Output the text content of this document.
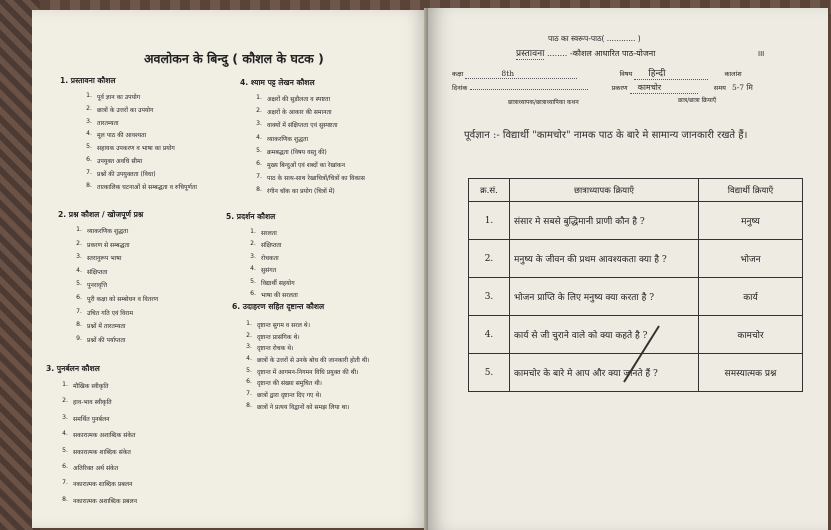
अवलोकन के बिन्दु ( कौशल के घटक )
1. प्रस्तावना कौशल
1. पूर्व ज्ञान का उपयोग
2. छात्रों के उत्तरों का उपयोग
3. तारतम्यता
4. मूल पाठ की आवश्यता
5. सहायक उपकरण व भाषा का प्रयोग
6. उपयुक्त अवधि सीमा
7. प्रश्नों की उपयुक्तता (विधा)
8. तात्कालिक घटनाओं से सम्बद्धता व रुचिपूर्णता
4. श्याम पट्ट लेखन कौशल
1. अक्षरों की सुडौलता व स्पष्टता
2. अक्षरों के आकार की समानता
3. वाक्यों में संक्षिप्तता एवं सुस्पष्टता
4. व्याकरणिक शुद्धता
5. क्रमबद्धता (विषय वस्तु की)
6. मुख्य बिन्दुओं एवं शब्दों का रेखांकन
7. पाठ के साथ-साथ रेखाचित्रों/चित्रों का विकास
8. रंगीन चॉक का प्रयोग (चित्रों में)
2. प्रश्न कौशल / खोजपूर्ण प्रश्न
1. व्याकरणिक शुद्धता
2. प्रकरण से सम्बद्धता
3. स्तरानुरूप भाषा
4. संक्षिप्तता
5. पुनरावृत्ति
6. पूरी कक्षा को सम्बोधन व वितरण
7. उचित गति एवं विराम
8. प्रश्नों में तारतम्यता
9. प्रश्नों की पर्याप्तता
5. प्रदर्शन कौशल
1. सरलता
2. संक्षिप्तता
3. रोचकता
4. सुसंगत
5. विद्यार्थी सहयोग
6. भाषा की सरलता
6. उदाहरण सहित दृष्टान्त कौशल
1. दृष्टान्त सुगम व सरल थे।
2. दृष्टान्त प्रासंगिक थे।
3. दृष्टान्त रोचक थे।
4. छात्रों के उत्तरों से उनके बोध की जानकारी होती थी।
5. दृष्टान्त में आगमन-निगमन विधि प्रयुक्त की थी।
6. दृष्टान्त की संख्या समुचित थी।
7. छात्रों द्वारा दृष्टान्त दिए गए थे।
8. छात्रों ने प्रत्यय विद्वानों को समझ लिया था।
3. पुनर्बलन कौशल
1. मौखिक स्वीकृति
2. हाव-भाव स्वीकृति
3. समर्थित पुनर्बलन
4. सकारात्मक अशाब्दिक संकेत
5. सकारात्मक शाब्दिक संकेत
6. अतिरिक्त अर्थ संकेत
7. नकारात्मक शाब्दिक प्रबलन
8. नकारात्मक अशाब्दिक प्रबलन
पाठ का स्वरूप-पाठ( ............ )
प्रस्तावना ........ -कौशल आधारित पाठ-योजना	III
कक्षा	8th	विषय हिन्दी	कालांश
दिनांक	प्रकरण कामचोर	समय 5-7 मि
छात्राध्यापक/छात्राध्यापिका कथन	छात्र/छात्रा क्रियाएँ
पूर्वज्ञान :- विद्यार्थी "कामचोर" नामक पाठ के बारे मे सामान्य जानकारी रखते हैं।
क्र.सं.	छात्राध्यापक क्रियाएँ	विद्यार्थी क्रियाएँ
1.	संसार मे सबसे बुद्धिमानी प्राणी कौन है ?	मनुष्य
2.	मनुष्य के जीवन की प्रथम आवश्यकता क्या है ?	भोजन
3.	भोजन प्राप्ति के लिए मनुष्य क्या करता है ?	कार्य
4.	कार्य से जी चुराने वाले को क्या कहते है ?	कामचोर
5.	कामचोर के बारे मे आप और क्या जानते हैं ?	समस्यात्मक प्रश्न
